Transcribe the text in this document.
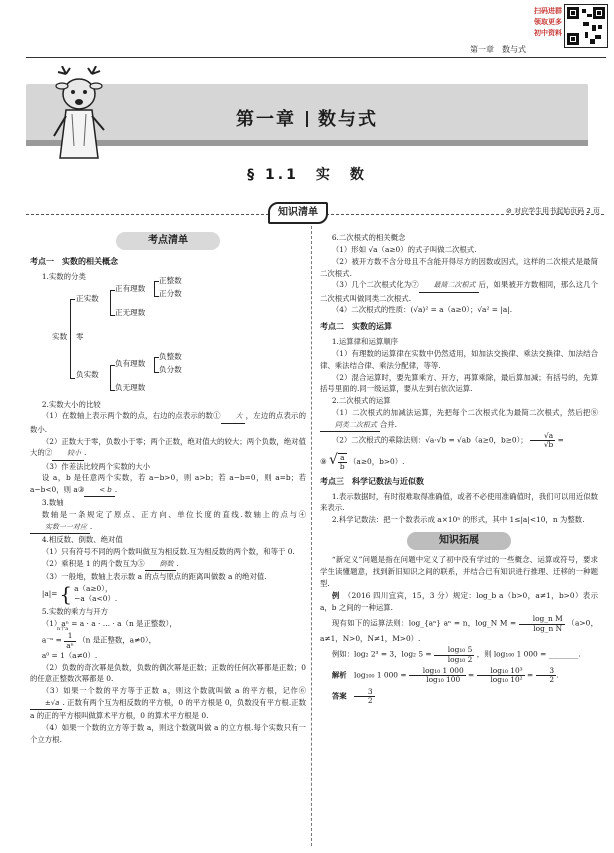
扫码进群
领取更多
初中资料
第一章　数与式
第一章 数与式
§ 1.1　实　数
知识清单	⊘ 对应学生用书起始页码 2 页
考点清单
考点一　实数的相关概念
1.实数的分类
实数
正实数
零
负实数
正有理数
正无理数
负有理数
负无理数
正整数
正分数
负整数
负分数
2.实数大小的比较

（1）在数轴上表示两个数的点，右边的点表示的数① 大 ，左边的点表示的数小.

（2）正数大于零，负数小于零；两个正数，绝对值大的较大；两个负数，绝对值大的② 较小 .

（3）作差法比较两个实数的大小

设 a，b 是任意两个实数，若 a−b>0，则 a>b；若 a−b=0，则 a=b；若 a−b<0，则 a③ < b .

3.数轴

数轴是一条规定了原点、正方向、单位长度的直线.数轴上的点与④实数一一对应 .

4.相反数、倒数、绝对值

（1）只有符号不同的两个数叫做互为相反数.互为相反数的两个数，和等于 0.

（2）乘积是 1 的两个数互为⑤ 倒数 .

（3）一般地，数轴上表示数 a 的点与原点的距离叫做数 a 的绝对值.

|a|= { a（a≥0），
−a（a<0）.
5.实数的乘方与开方

（1）aⁿ = a · a · … · a（n 是正整数），

n个a
$a^{-n} = \frac{1}{\text{aⁿ}} (n$ 是正整数，a≠0），
a⁰ = 1（a≠0）.

（2）负数的奇次幂是负数，负数的偶次幂是正数；正数的任何次幂都是正数；0 的任意正整数次幂都是 0.

（3）如果一个数的平方等于正数 a，则这个数就叫做 a 的平方根，记作⑥±√a . 正数有两个互为相反数的平方根，0 的平方根是 0，负数没有平方根.正数 a 的正的平方根叫做算术平方根，0 的算术平方根是 0.

（4）如果一个数的立方等于数 a，则这个数就叫做 a 的立方根.每个实数只有一个立方根.

6.二次根式的相关概念

（1）形如 √a（a≥0）的式子叫做二次根式.

（2）被开方数不含分母且不含能开得尽方的因数或因式，这样的二次根式是最简二次根式.

（3）几个二次根式化为⑦ 最简二次根式 后，如果被开方数相同，那么这几个二次根式叫做同类二次根式.

（4）二次根式的性质：(√a)² = a（a≥0）；√a² = |a|.

考点二　实数的运算
1.运算律和运算顺序

（1）有理数的运算律在实数中仍然适用，如加法交换律、乘法交换律、加法结合律、乘法结合律、乘法分配律，等等.

（2）混合运算时，要先算乘方、开方，再算乘除，最后算加减；有括号的，先算括号里面的.同一级运算，要从左到右依次运算.

2.二次根式的运算

（1）二次根式的加减法运算，先把每个二次根式化为最简二次根式，然后把⑧同类二次根式 合并.

（2）二次根式的乘除法则：√a·√b = √ab（a≥0，b≥0）； $\frac{√a}{√b}$ =

⑨ √ $\frac{a}{b} (a\ge 0$，b>0）.
考点三　科学记数法与近似数

1.表示数据时，有时很难取得准确值，或者不必使用准确值时，我们可以用近似数来表示.

2.科学记数法：把一个数表示成 a×10ⁿ 的形式，其中 1≤|a|<10，n 为整数.

知识拓展

“新定义”问题是指在问题中定义了初中没有学过的一些概念、运算或符号，要求学生读懂题意，找到新旧知识之间的联系，并结合已有知识进行推理、迁移的一种题型.

例　 （2016 四川宜宾，15，3 分）规定：log_b a（b>0，a≠1，b>0）表示 a，b 之间的一种运算.

现有如下的运算法则：log_{aⁿ} aⁿ = n，log_N $M = \frac{\text{log\_n M}}{\text{log\_n N}} (a>0$，a≠1，N>0，N≠1，M>0）.

例如：log₂ 2³ = 3，log₂ $5 = \frac{\text{log₁₀ 5}}{\text{log₁₀ 2}}$ ，则 log₁₀₀ 1 000 = ________.

解析　 log₁₀₀ 1 $000 = \frac{\text{log₁₀ 1 000}}{\text{log₁₀ 100}} = \frac{\text{log₁₀ 10³}}{\text{log₁₀ 10²}} = \frac{3}{2}$ .

答案　 $\frac{3}{2}$
